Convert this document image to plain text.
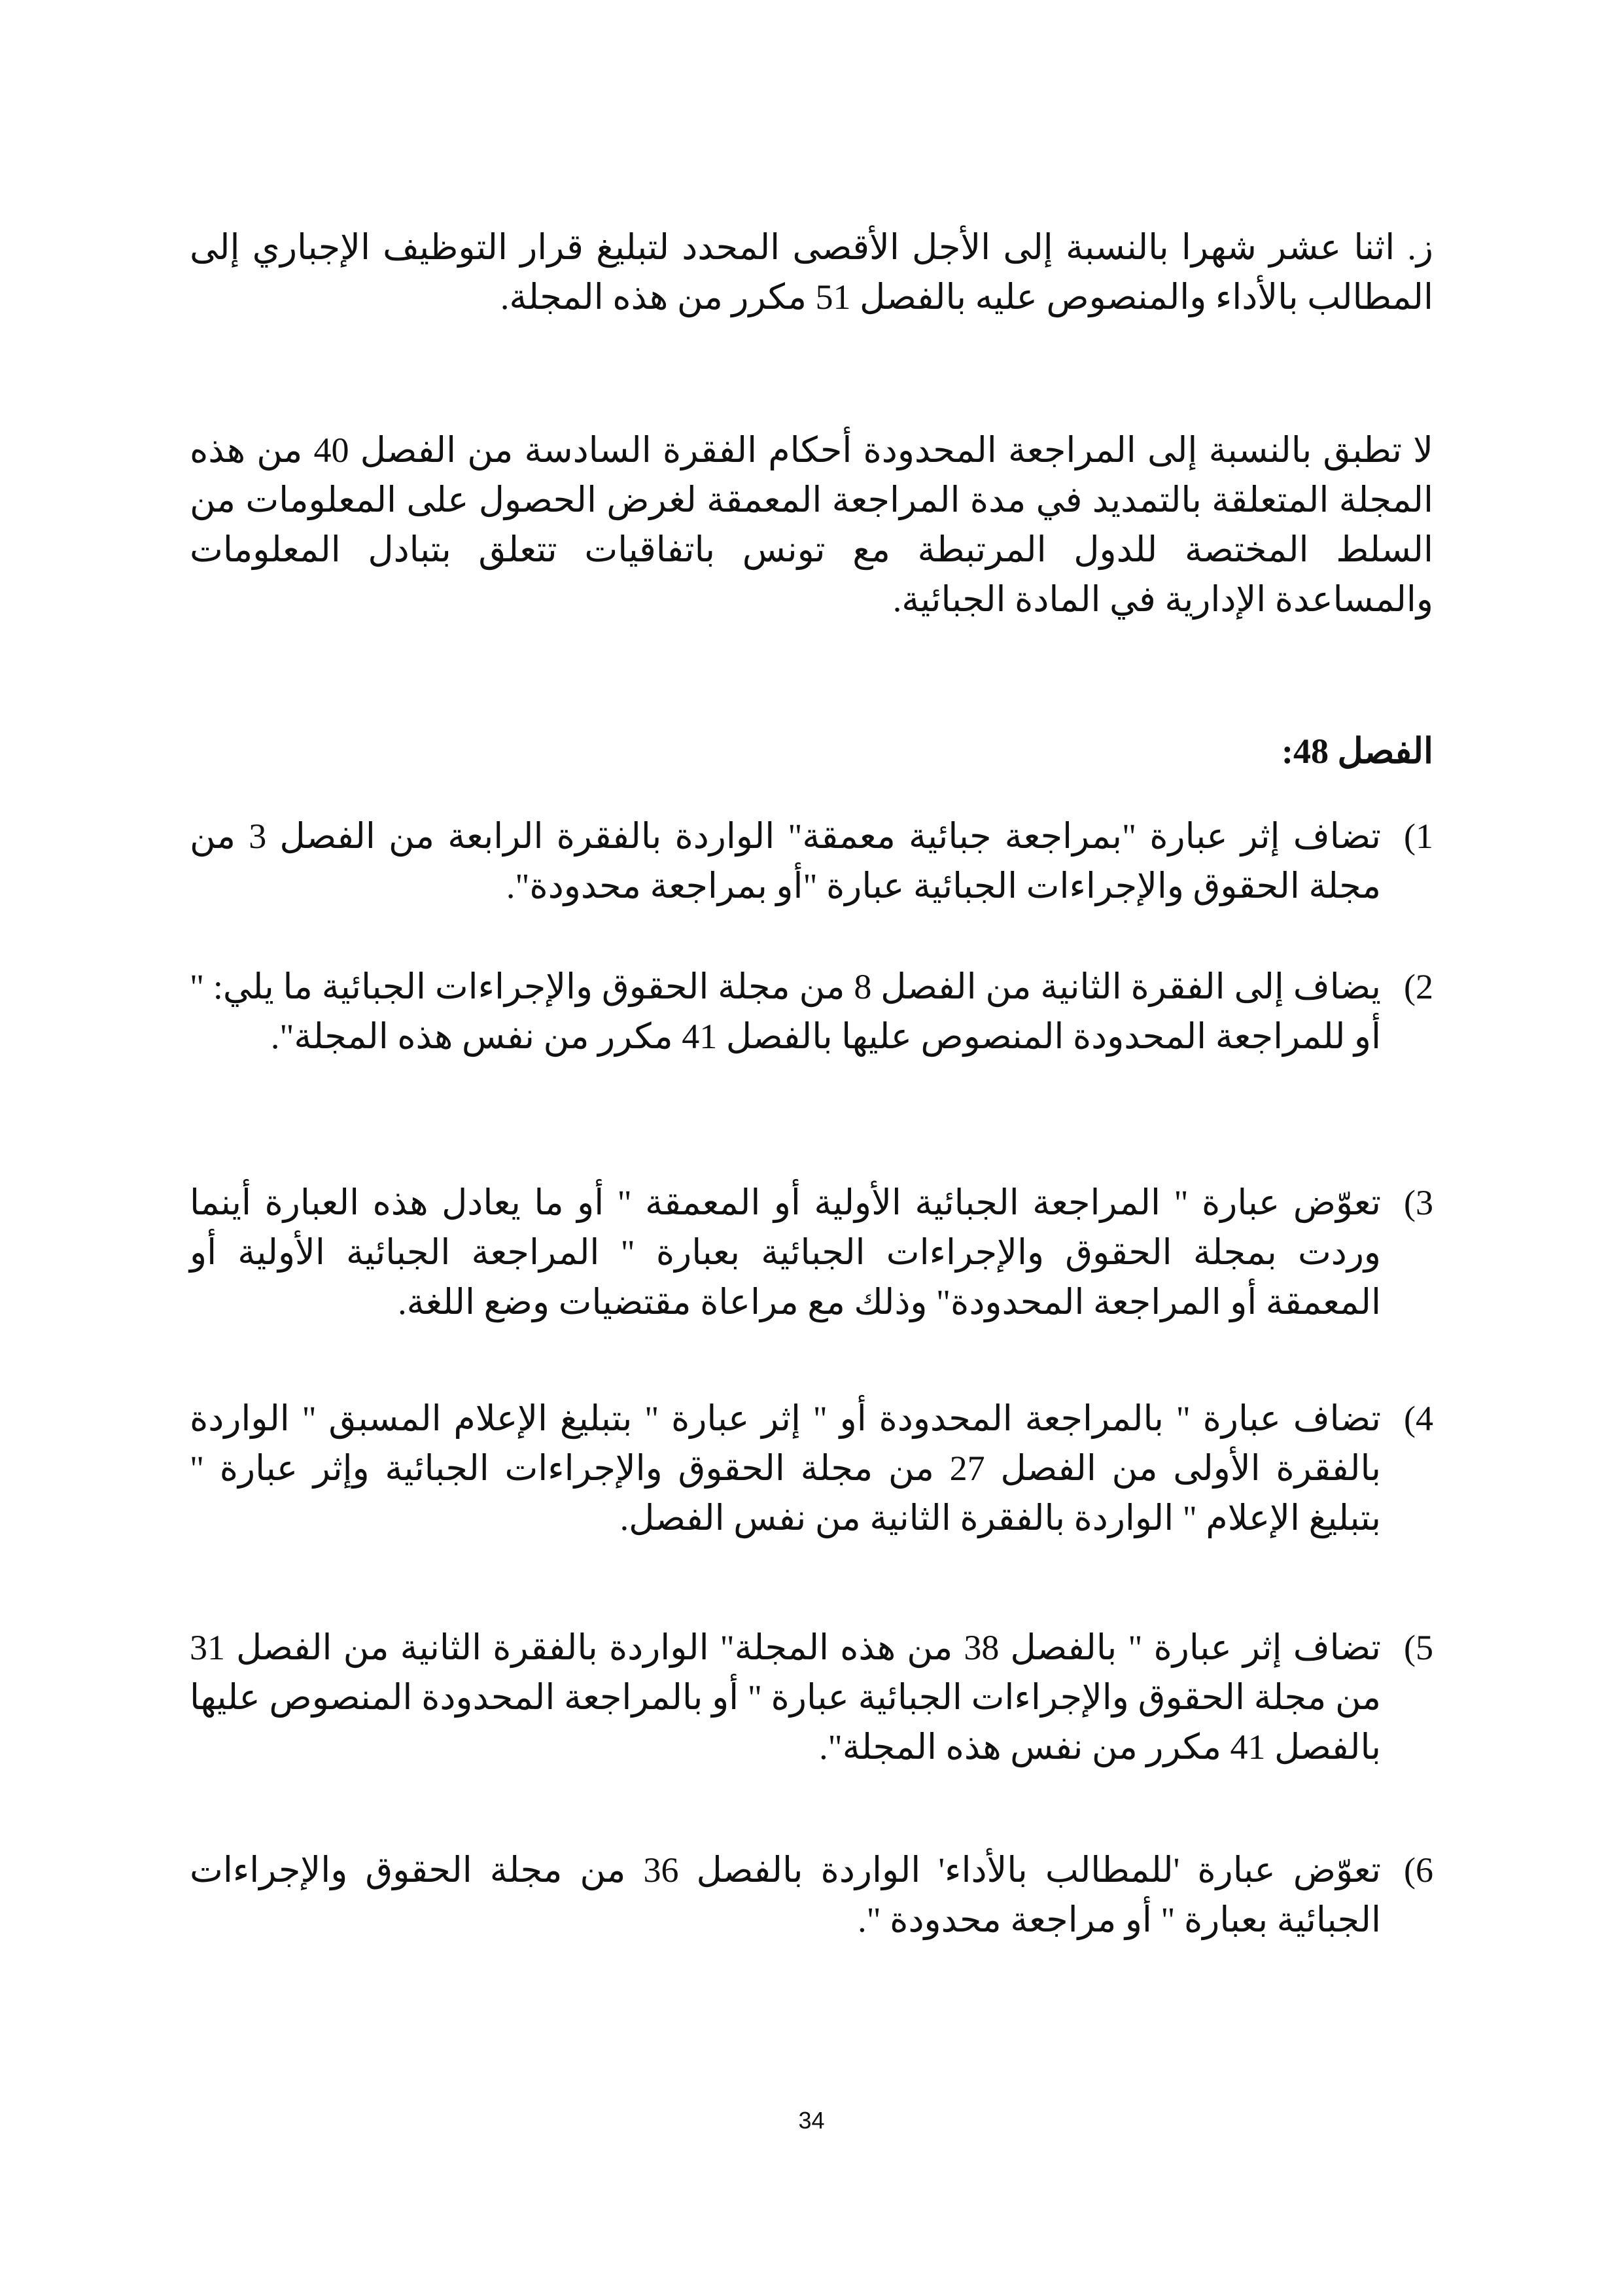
ز. اثنا عشر شهرا بالنسبة إلى الأجل الأقصى المحدد لتبليغ قرار التوظيف الإجباري إلى المطالب بالأداء والمنصوص عليه بالفصل 51 مكرر من هذه المجلة.
لا تطبق بالنسبة إلى المراجعة المحدودة أحكام الفقرة السادسة من الفصل 40 من هذه المجلة المتعلقة بالتمديد في مدة المراجعة المعمقة لغرض الحصول على المعلومات من السلط المختصة للدول المرتبطة مع تونس باتفاقيات تتعلق بتبادل المعلومات والمساعدة الإدارية في المادة الجبائية.
الفصل 48:
1)
تضاف إثر عبارة "بمراجعة جبائية معمقة" الواردة بالفقرة الرابعة من الفصل 3 من مجلة الحقوق والإجراءات الجبائية عبارة "أو بمراجعة محدودة".
2)
يضاف إلى الفقرة الثانية من الفصل 8 من مجلة الحقوق والإجراءات الجبائية ما يلي: " أو للمراجعة المحدودة المنصوص عليها بالفصل 41 مكرر من نفس هذه المجلة".
3)
تعوّض عبارة " المراجعة الجبائية الأولية أو المعمقة " أو ما يعادل هذه العبارة أينما وردت بمجلة الحقوق والإجراءات الجبائية بعبارة " المراجعة الجبائية الأولية أو المعمقة أو المراجعة المحدودة" وذلك مع مراعاة مقتضيات وضع اللغة.
4)
تضاف عبارة " بالمراجعة المحدودة أو " إثر عبارة " بتبليغ الإعلام المسبق " الواردة بالفقرة الأولى من الفصل 27 من مجلة الحقوق والإجراءات الجبائية وإثر عبارة " بتبليغ الإعلام " الواردة بالفقرة الثانية من نفس الفصل.
5)
تضاف إثر عبارة " بالفصل 38 من هذه المجلة" الواردة بالفقرة الثانية من الفصل 31 من مجلة الحقوق والإجراءات الجبائية عبارة " أو بالمراجعة المحدودة المنصوص عليها بالفصل 41 مكرر من نفس هذه المجلة".
6)
تعوّض عبارة 'للمطالب بالأداء' الواردة بالفصل 36 من مجلة الحقوق والإجراءات الجبائية بعبارة " أو مراجعة محدودة ".
34
